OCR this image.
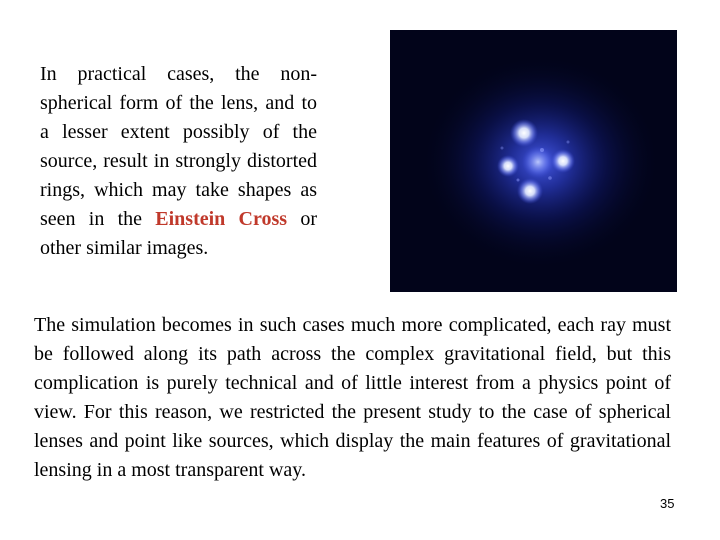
In practical cases, the non-spherical form of the lens, and to a lesser extent possibly of the source, result in strongly distorted rings, which may take shapes as seen in the Einstein Cross or other similar images.

The simulation becomes in such cases much more complicated, each ray must be followed along its path across the complex gravitational field, but this complication is purely technical and of little interest from a physics point of view. For this reason, we restricted the present study to the case of spherical lenses and point like sources, which display the main features of gravitational lensing in a most transparent way.

35
